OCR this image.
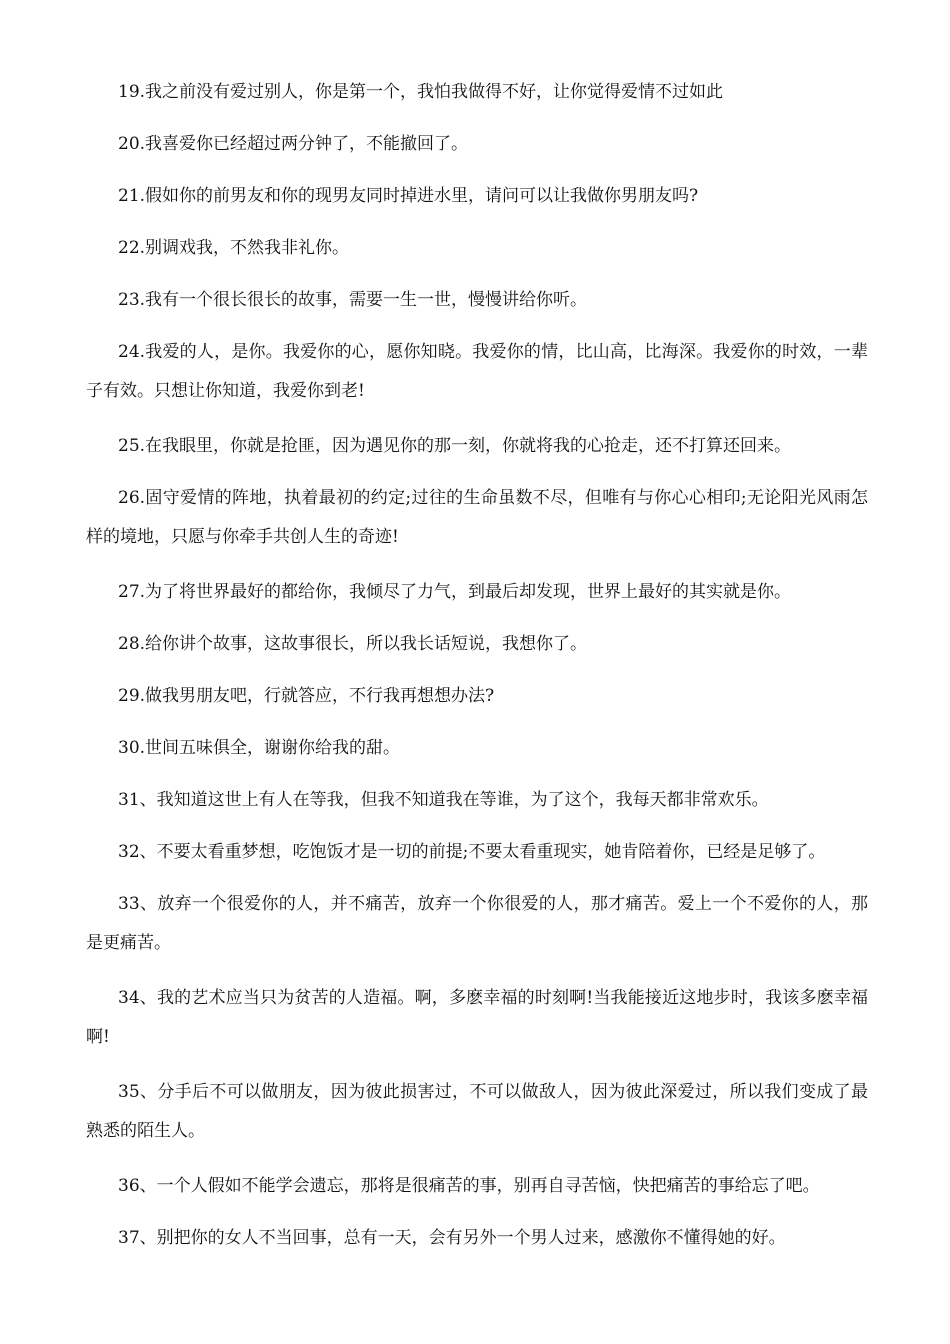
19.我之前没有爱过别人，你是第一个，我怕我做得不好，让你觉得爱情不过如此

20.我喜爱你已经超过两分钟了，不能撤回了。

21.假如你的前男友和你的现男友同时掉进水里，请问可以让我做你男朋友吗?

22.别调戏我，不然我非礼你。

23.我有一个很长很长的故事，需要一生一世，慢慢讲给你听。

24.我爱的人，是你。我爱你的心，愿你知晓。我爱你的情，比山高，比海深。我爱你的时效，一辈子有效。只想让你知道，我爱你到老!

25.在我眼里，你就是抢匪，因为遇见你的那一刻，你就将我的心抢走，还不打算还回来。

26.固守爱情的阵地，执着最初的约定;过往的生命虽数不尽，但唯有与你心心相印;无论阳光风雨怎样的境地，只愿与你牵手共创人生的奇迹!

27.为了将世界最好的都给你，我倾尽了力气，到最后却发现，世界上最好的其实就是你。

28.给你讲个故事，这故事很长，所以我长话短说，我想你了。

29.做我男朋友吧，行就答应，不行我再想想办法?

30.世间五味俱全，谢谢你给我的甜。

31、我知道这世上有人在等我，但我不知道我在等谁，为了这个，我每天都非常欢乐。

32、不要太看重梦想，吃饱饭才是一切的前提;不要太看重现实，她肯陪着你，已经是足够了。

33、放弃一个很爱你的人，并不痛苦，放弃一个你很爱的人，那才痛苦。爱上一个不爱你的人，那是更痛苦。

34、我的艺术应当只为贫苦的人造福。啊，多麽幸福的时刻啊!当我能接近这地步时，我该多麽幸福啊!

35、分手后不可以做朋友，因为彼此损害过，不可以做敌人，因为彼此深爱过，所以我们变成了最熟悉的陌生人。

36、一个人假如不能学会遗忘，那将是很痛苦的事，别再自寻苦恼，快把痛苦的事给忘了吧。

37、别把你的女人不当回事，总有一天，会有另外一个男人过来，感激你不懂得她的好。
